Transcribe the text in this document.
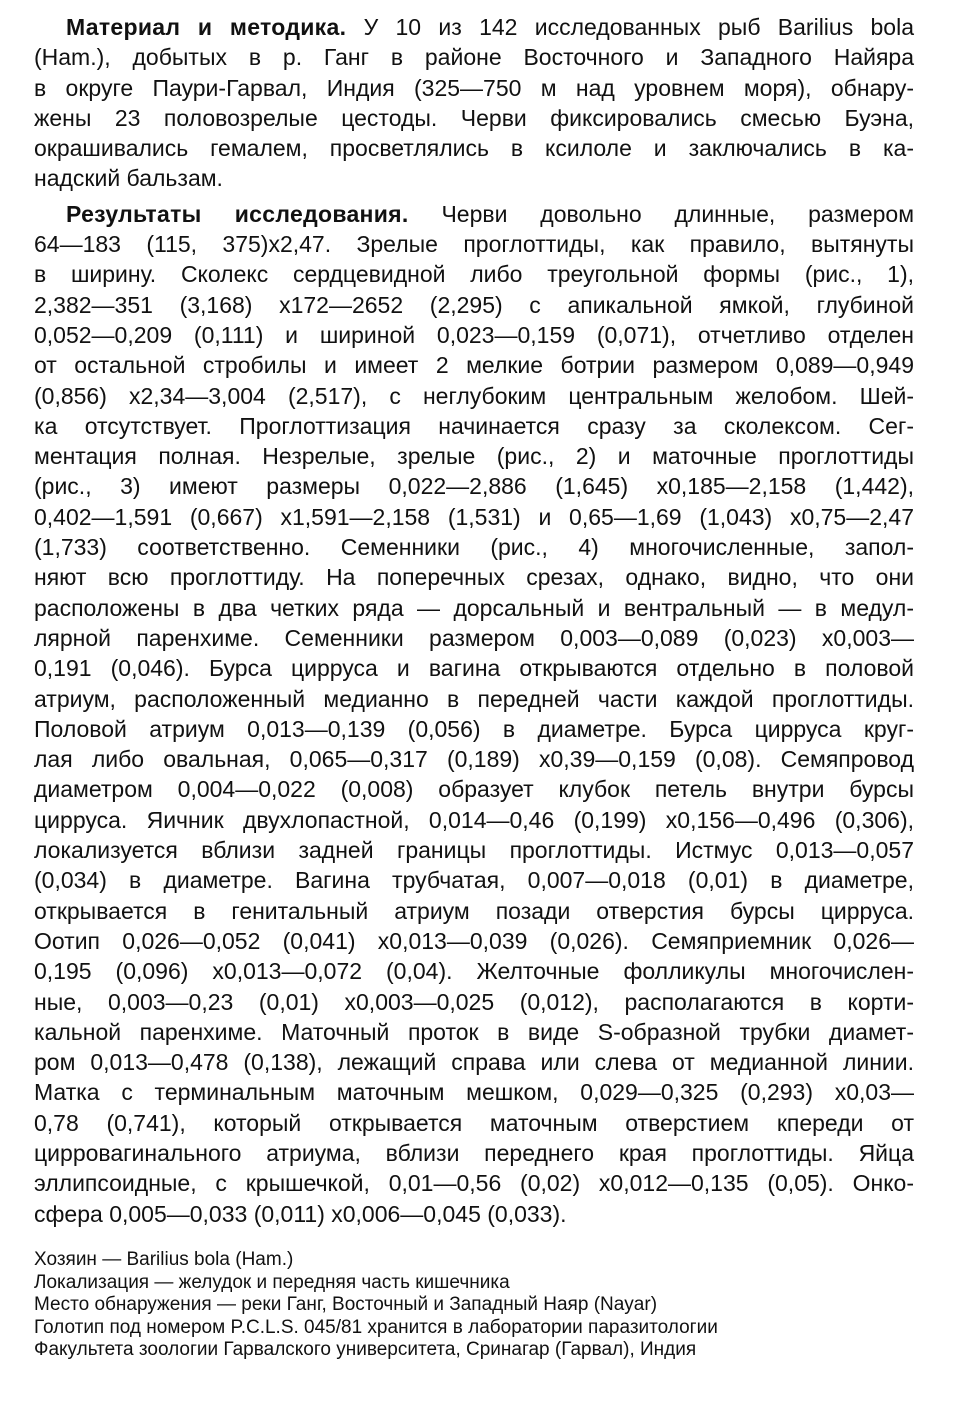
Материал и методика. У 10 из 142 исследованных рыб Barilius bola
(Ham.), добытых в р. Ганг в районе Восточного и Западного Найяра
в округе Паури-Гарвал, Индия (325—750 м над уровнем моря), обнару-
жены 23 половозрелые цестоды. Черви фиксировались смесью Буэна,
окрашивались гемалем, просветлялись в ксилоле и заключались в ка-
надский бальзам.
Результаты исследования. Черви довольно длинные, размером
64—183 (115, 375)х2,47. Зрелые проглоттиды, как правило, вытянуты
в ширину. Сколекс сердцевидной либо треугольной формы (рис., 1),
2,382—351 (3,168) х172—2652 (2,295) с апикальной ямкой, глубиной
0,052—0,209 (0,111) и шириной 0,023—0,159 (0,071), отчетливо отделен
от остальной стробилы и имеет 2 мелкие ботрии размером 0,089—0,949
(0,856) х2,34—3,004 (2,517), с неглубоким центральным желобом. Шей-
ка отсутствует. Проглоттизация начинается сразу за сколексом. Сег-
ментация полная. Незрелые, зрелые (рис., 2) и маточные проглоттиды
(рис., 3) имеют размеры 0,022—2,886 (1,645) х0,185—2,158 (1,442),
0,402—1,591 (0,667) х1,591—2,158 (1,531) и 0,65—1,69 (1,043) х0,75—2,47
(1,733) соответственно. Семенники (рис., 4) многочисленные, запол-
няют всю проглоттиду. На поперечных срезах, однако, видно, что они
расположены в два четких ряда — дорсальный и вентральный — в медул-
лярной паренхиме. Семенники размером 0,003—0,089 (0,023) х0,003—
0,191 (0,046). Бурса цирруса и вагина открываются отдельно в половой
атриум, расположенный медианно в передней части каждой проглоттиды.
Половой атриум 0,013—0,139 (0,056) в диаметре. Бурса цирруса круг-
лая либо овальная, 0,065—0,317 (0,189) х0,39—0,159 (0,08). Семяпровод
диаметром 0,004—0,022 (0,008) образует клубок петель внутри бурсы
цирруса. Яичник двухлопастной, 0,014—0,46 (0,199) х0,156—0,496 (0,306),
локализуется вблизи задней границы проглоттиды. Истмус 0,013—0,057
(0,034) в диаметре. Вагина трубчатая, 0,007—0,018 (0,01) в диаметре,
открывается в генитальный атриум позади отверстия бурсы цирруса.
Оотип 0,026—0,052 (0,041) х0,013—0,039 (0,026). Семяприемник 0,026—
0,195 (0,096) х0,013—0,072 (0,04). Желточные фолликулы многочислен-
ные, 0,003—0,23 (0,01) х0,003—0,025 (0,012), располагаются в корти-
кальной паренхиме. Маточный проток в виде S-образной трубки диамет-
ром 0,013—0,478 (0,138), лежащий справа или слева от медианной линии.
Матка с терминальным маточным мешком, 0,029—0,325 (0,293) х0,03—
0,78 (0,741), который открывается маточным отверстием кпереди от
цирровагинального атриума, вблизи переднего края проглоттиды. Яйца
эллипсоидные, с крышечкой, 0,01—0,56 (0,02) х0,012—0,135 (0,05). Онко-
сфера 0,005—0,033 (0,011) х0,006—0,045 (0,033).
Хозяин — Barilius bola (Ham.)
Локализация — желудок и передняя часть кишечника
Место обнаружения — реки Ганг, Восточный и Западный Наяр (Nayar)
Голотип под номером P.C.L.S. 045/81 хранится в лаборатории паразитологии
Факультета зоологии Гарвалского университета, Сринагар (Гарвал), Индия
